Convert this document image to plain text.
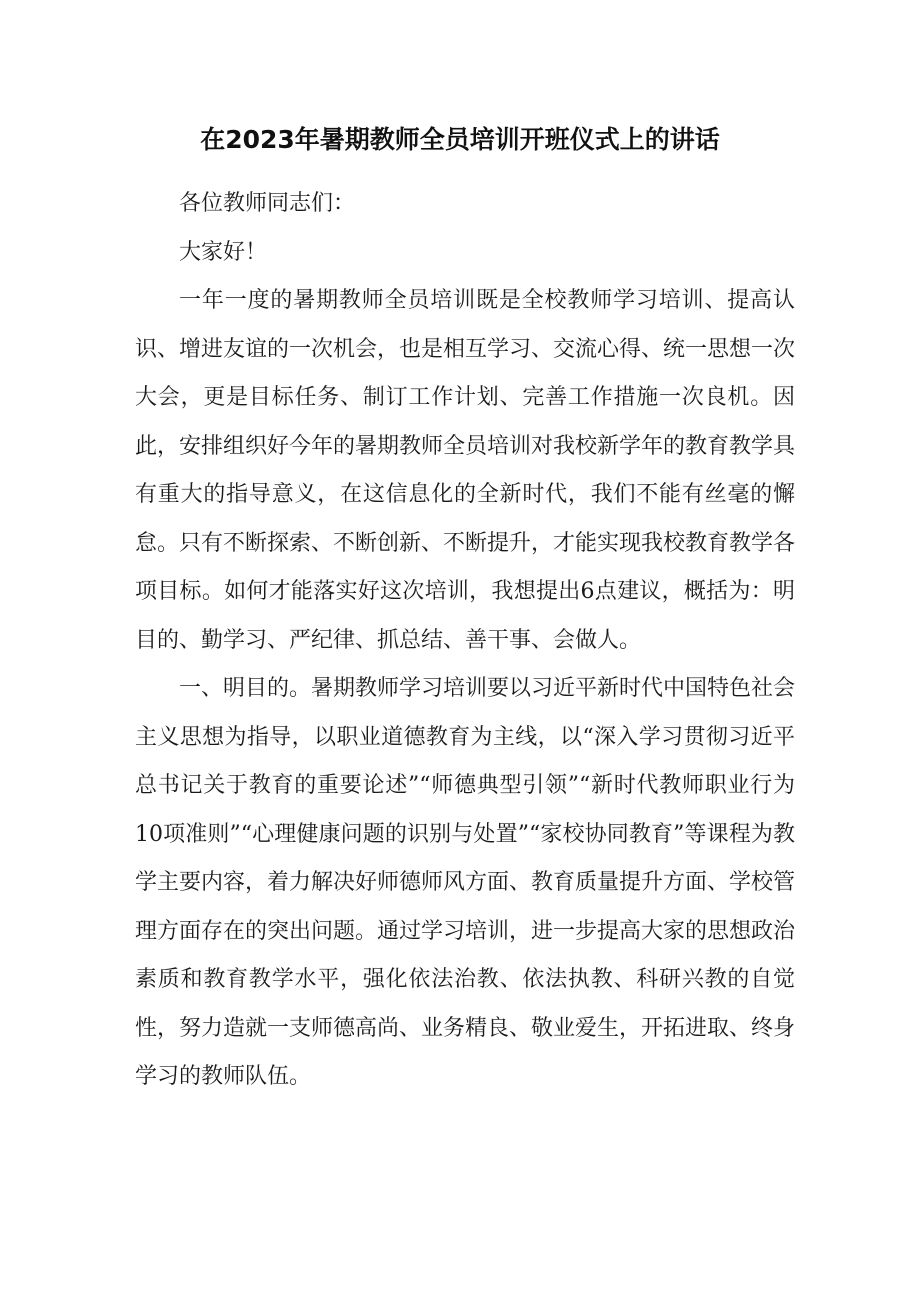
在2023年暑期教师全员培训开班仪式上的讲话

各位教师同志们：

大家好！

一年一度的暑期教师全员培训既是全校教师学习培训、提高认识、增进友谊的一次机会，也是相互学习、交流心得、统一思想一次大会，更是目标任务、制订工作计划、完善工作措施一次良机。因此，安排组织好今年的暑期教师全员培训对我校新学年的教育教学具有重大的指导意义，在这信息化的全新时代，我们不能有丝毫的懈怠。只有不断探索、不断创新、不断提升，才能实现我校教育教学各项目标。如何才能落实好这次培训，我想提出6点建议，概括为：明目的、勤学习、严纪律、抓总结、善干事、会做人。

一、明目的。暑期教师学习培训要以习近平新时代中国特色社会主义思想为指导，以职业道德教育为主线，以“深入学习贯彻习近平总书记关于教育的重要论述”“师德典型引领”“新时代教师职业行为10项准则”“心理健康问题的识别与处置”“家校协同教育”等课程为教学主要内容，着力解决好师德师风方面、教育质量提升方面、学校管理方面存在的突出问题。通过学习培训，进一步提高大家的思想政治素质和教育教学水平，强化依法治教、依法执教、科研兴教的自觉性，努力造就一支师德高尚、业务精良、敬业爱生，开拓进取、终身学习的教师队伍。
